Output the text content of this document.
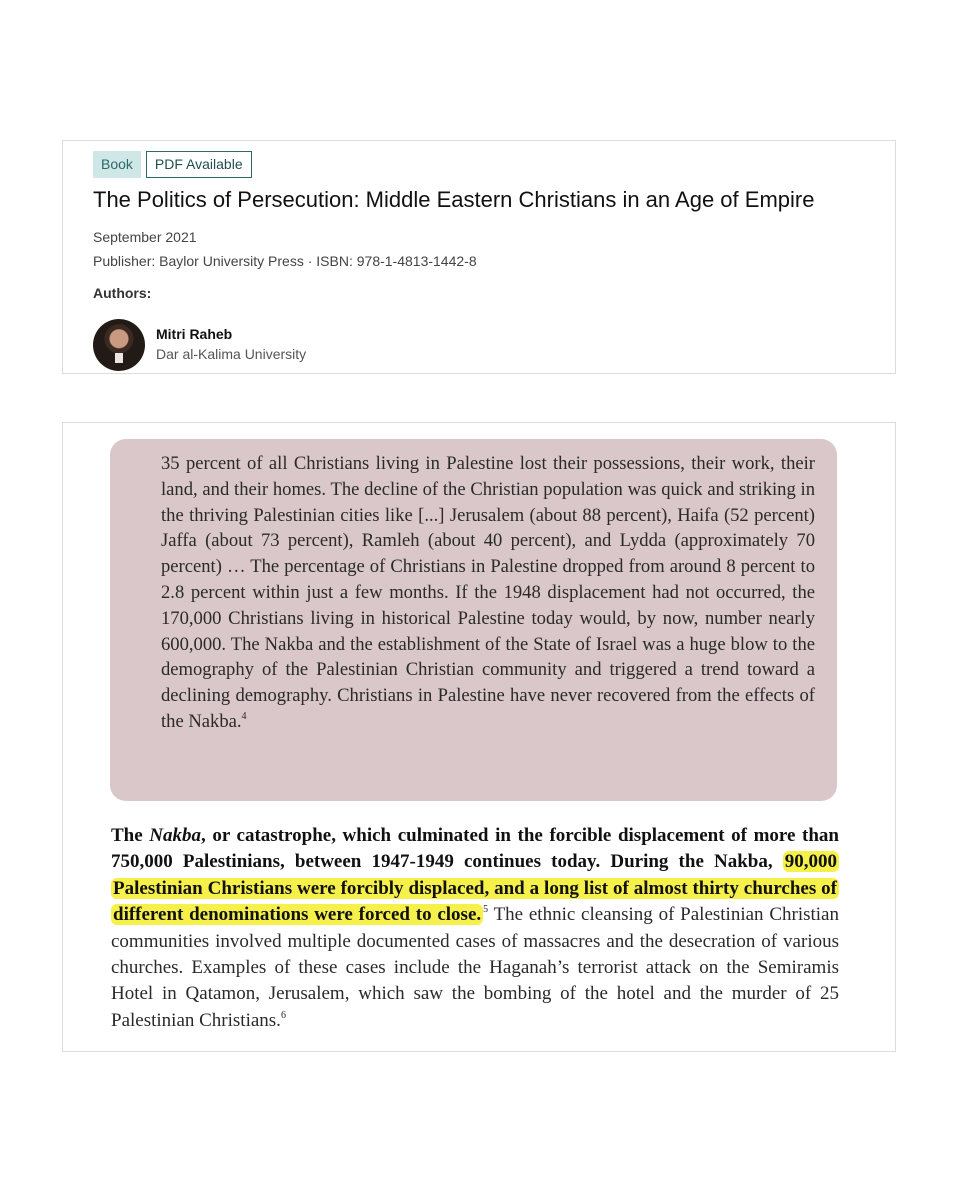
Book	PDF Available
The Politics of Persecution: Middle Eastern Christians in an Age of Empire
September 2021
Publisher: Baylor University Press · ISBN: 978-1-4813-1442-8
Authors:
Mitri Raheb
Dar al-Kalima University

35 percent of all Christians living in Palestine lost their possessions, their work, their land, and their homes. The decline of the Christian population was quick and striking in the thriving Palestinian cities like [...] Jerusalem (about 88 percent), Haifa (52 percent) Jaffa (about 73 percent), Ramleh (about 40 percent), and Lydda (approximately 70 percent) … The percentage of Christians in Palestine dropped from around 8 percent to 2.8 percent within just a few months. If the 1948 displacement had not occurred, the 170,000 Christians living in historical Palestine today would, by now, number nearly 600,000. The Nakba and the establishment of the State of Israel was a huge blow to the demography of the Palestinian Christian community and triggered a trend toward a declining demography. Christians in Palestine have never recovered from the effects of the Nakba.$^4$

The Nakba, or catastrophe, which culminated in the forcible displacement of more than 750,000 Palestinians, between 1947-1949 continues today. During the Nakba, 90,000 Palestinian Christians were forcibly displaced, and a long list of almost thirty churches of different denominations were forced to close. $^5$ The ethnic cleansing of Palestinian Christian communities involved multiple documented cases of massacres and the desecration of various churches. Examples of these cases include the Haganah’s terrorist attack on the Semiramis Hotel in Qatamon, Jerusalem, which saw the bombing of the hotel and the murder of 25 Palestinian Christians.$^6$
